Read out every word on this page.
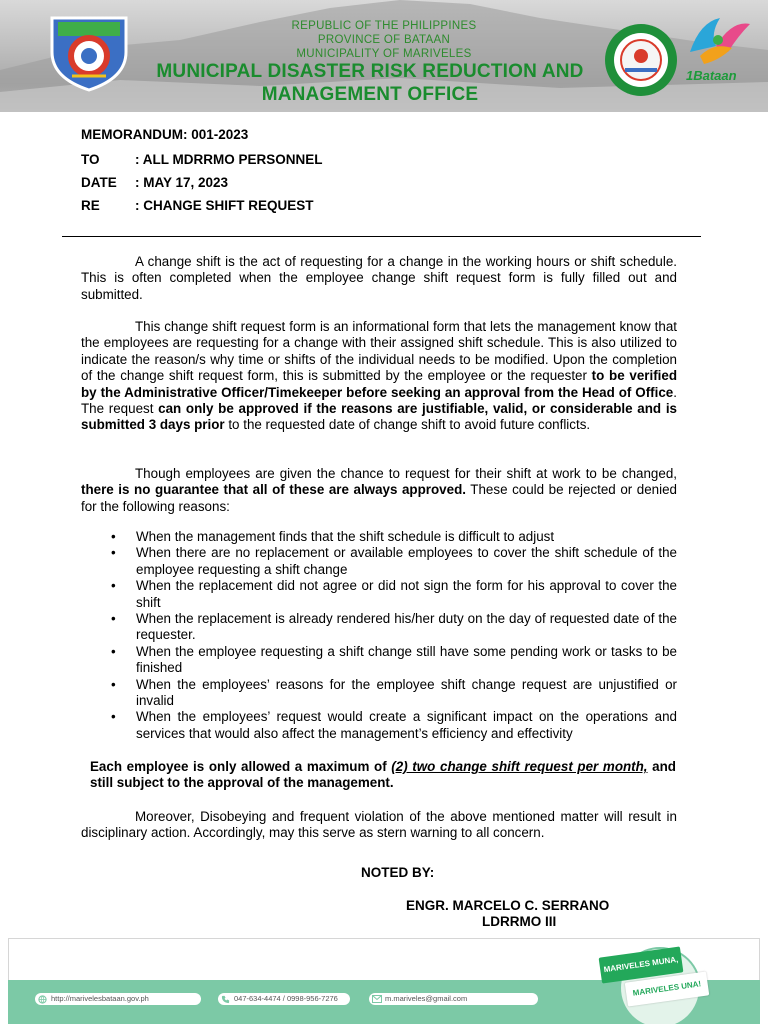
REPUBLIC OF THE PHILIPPINES
PROVINCE OF BATAAN
MUNICIPALITY OF MARIVELES
MUNICIPAL DISASTER RISK REDUCTION AND
MANAGEMENT OFFICE
1Bataan
MEMORANDUM: 001-2023
TO	: ALL MDRRMO PERSONNEL
DATE : MAY 17, 2023
RE	: CHANGE SHIFT REQUEST
A change shift is the act of requesting for a change in the working hours or shift schedule. This is often completed when the employee change shift request form is fully filled out and submitted.
This change shift request form is an informational form that lets the management know that the employees are requesting for a change with their assigned shift schedule. This is also utilized to indicate the reason/s why time or shifts of the individual needs to be modified. Upon the completion of the change shift request form, this is submitted by the employee or the requester to be verified by the Administrative Officer/Timekeeper before seeking an approval from the Head of Office. The request can only be approved if the reasons are justifiable, valid, or considerable and is submitted 3 days prior to the requested date of change shift to avoid future conflicts.
Though employees are given the chance to request for their shift at work to be changed, there is no guarantee that all of these are always approved. These could be rejected or denied for the following reasons:
• When the management finds that the shift schedule is difficult to adjust
• When there are no replacement or available employees to cover the shift schedule of the employee requesting a shift change
• When the replacement did not agree or did not sign the form for his approval to cover the shift
• When the replacement is already rendered his/her duty on the day of requested date of the requester.
• When the employee requesting a shift change still have some pending work or tasks to be finished
• When the employees’ reasons for the employee shift change request are unjustified or invalid
• When the employees’ request would create a significant impact on the operations and services that would also affect the management’s efficiency and effectivity
Each employee is only allowed a maximum of (2) two change shift request per month, and still subject to the approval of the management.
Moreover, Disobeying and frequent violation of the above mentioned matter will result in disciplinary action. Accordingly, may this serve as stern warning to all concern.
NOTED BY:
ENGR. MARCELO C. SERRANO
LDRRMO III
http://marivelesbataan.gov.ph	047-634-4474 / 0998-956-7276	m.mariveles@gmail.com
MARIVELES MUNA,
MARIVELES UNA!
